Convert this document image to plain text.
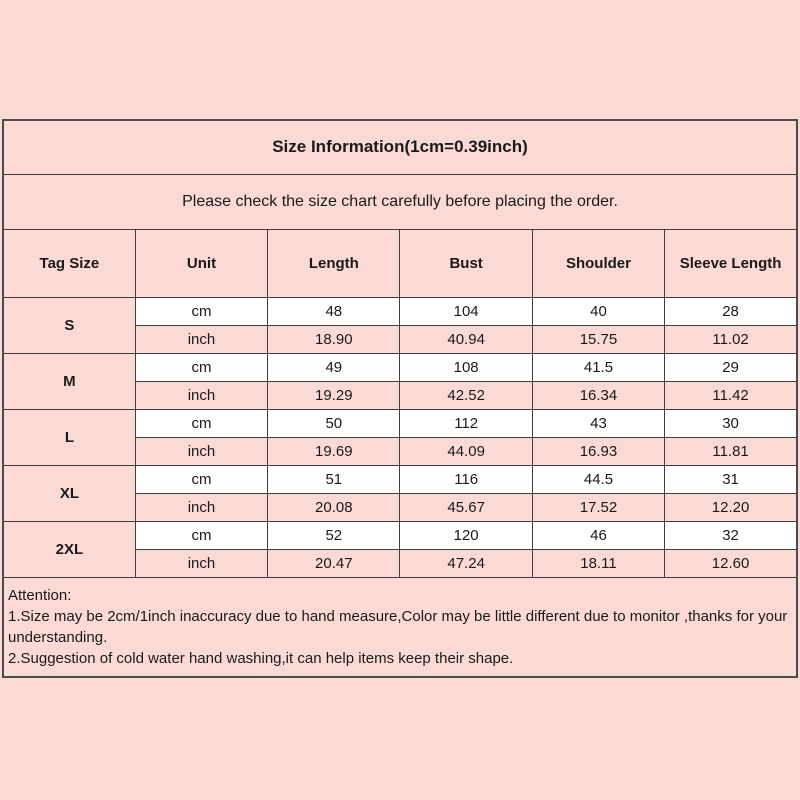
Size Information(1cm=0.39inch)					
Please check the size chart carefully before placing the order.					
Tag Size	Unit	Length	Bust	Shoulder	Sleeve Length
S	cm	48	104	40	28
	inch	18.90	40.94	15.75	11.02
M	cm	49	108	41.5	29
	inch	19.29	42.52	16.34	11.42
L	cm	50	112	43	30
	inch	19.69	44.09	16.93	11.81
XL	cm	51	116	44.5	31
	inch	20.08	45.67	17.52	12.20
2XL	cm	52	120	46	32
	inch	20.47	47.24	18.11	12.60

Attention:
1.Size may be 2cm/1inch inaccuracy due to hand measure,Color may be little different due to monitor ,thanks for your understanding.
2.Suggestion of cold water hand washing,it can help items keep their shape.					
